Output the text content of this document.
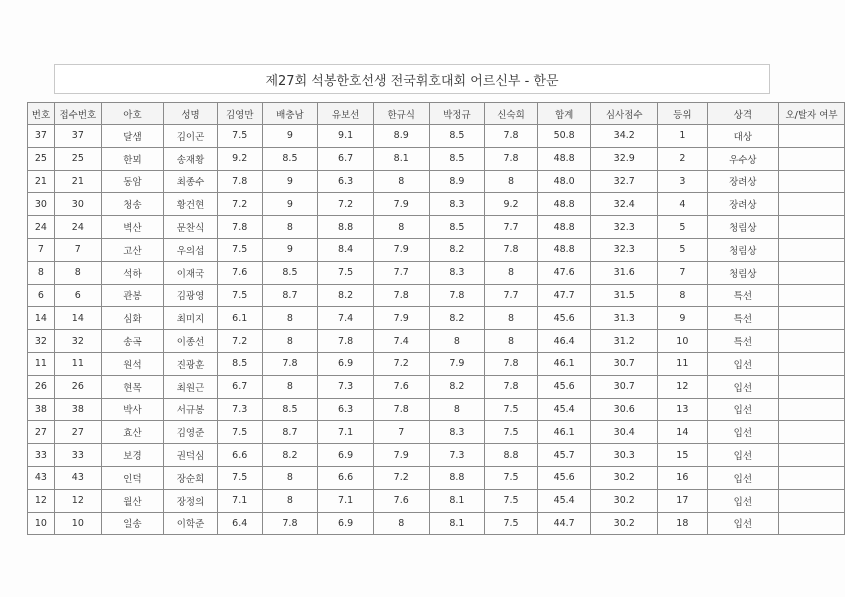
제27회 석봉한호선생 전국휘호대회 어르신부 - 한문
번호	접수번호	아호	성명	김영만	배충남	유보선	한규식	박정규	신숙희	합계	심사점수	등위	상격	오/탈자 여부
37	37	달샘	김이곤	7.5	9	9.1	8.9	8.5	7.8	50.8	34.2	1	대상	
25	25	한뫼	송재황	9.2	8.5	6.7	8.1	8.5	7.8	48.8	32.9	2	우수상	
21	21	동암	최종수	7.8	9	6.3	8	8.9	8	48.0	32.7	3	장려상	
30	30	청송	황건현	7.2	9	7.2	7.9	8.3	9.2	48.8	32.4	4	장려상	
24	24	벽산	문찬식	7.8	8	8.8	8	8.5	7.7	48.8	32.3	5	청림상	
7	7	고산	우의섭	7.5	9	8.4	7.9	8.2	7.8	48.8	32.3	5	청림상	
8	8	석하	이재국	7.6	8.5	7.5	7.7	8.3	8	47.6	31.6	7	청림상	
6	6	관봉	김광영	7.5	8.7	8.2	7.8	7.8	7.7	47.7	31.5	8	특선	
14	14	심화	최미지	6.1	8	7.4	7.9	8.2	8	45.6	31.3	9	특선	
32	32	송곡	이종선	7.2	8	7.8	7.4	8	8	46.4	31.2	10	특선	
11	11	원석	진광훈	8.5	7.8	6.9	7.2	7.9	7.8	46.1	30.7	11	입선	
26	26	현목	최원근	6.7	8	7.3	7.6	8.2	7.8	45.6	30.7	12	입선	
38	38	박사	서규봉	7.3	8.5	6.3	7.8	8	7.5	45.4	30.6	13	입선	
27	27	효산	김영준	7.5	8.7	7.1	7	8.3	7.5	46.1	30.4	14	입선	
33	33	보경	권덕심	6.6	8.2	6.9	7.9	7.3	8.8	45.7	30.3	15	입선	
43	43	인덕	장순희	7.5	8	6.6	7.2	8.8	7.5	45.6	30.2	16	입선	
12	12	월산	장정의	7.1	8	7.1	7.6	8.1	7.5	45.4	30.2	17	입선	
10	10	일송	이학준	6.4	7.8	6.9	8	8.1	7.5	44.7	30.2	18	입선	
